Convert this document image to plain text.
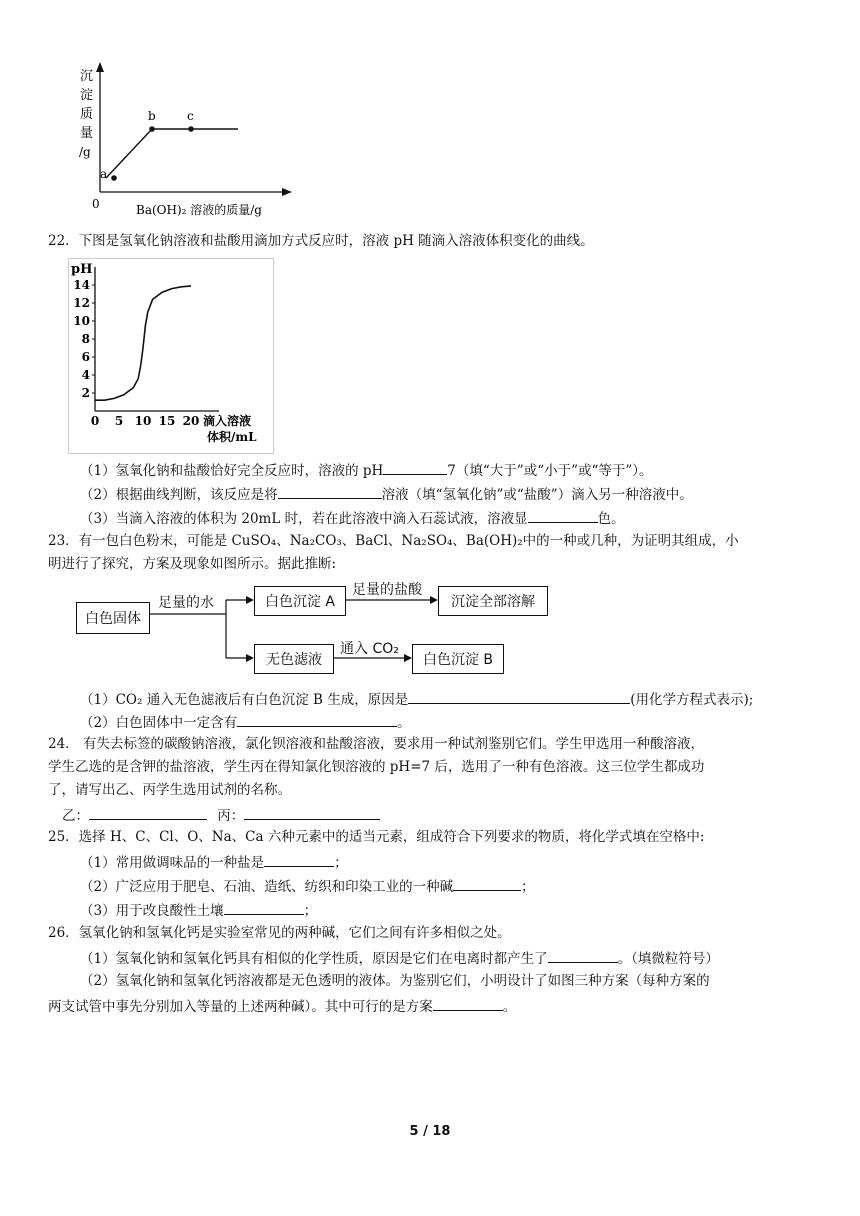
a
b	c
0
沉
淀
质
量
/g
Ba(OH)₂ 溶液的质量/g
22．下图是氢氧化钠溶液和盐酸用滴加方式反应时，溶液 pH 随滴入溶液体积变化的曲线。
pH
2
4
6
8
10
12
14
0 5 10 15 20 滴入溶液
体积/mL
（1）氢氧化钠和盐酸恰好完全反应时，溶液的 pH	7（填“大于”或“小于”或“等于”）。
（2）根据曲线判断，该反应是将	溶液（填“氢氧化钠”或“盐酸”）滴入另一种溶液中。
（3）当滴入溶液的体积为 20mL 时，若在此溶液中滴入石蕊试液，溶液显	色。
23．有一包白色粉末，可能是 CuSO₄、Na₂CO₃、BaCl、Na₂SO₄、Ba(OH)₂中的一种或几种，为证明其组成，小
明进行了探究，方案及现象如图所示。据此推断:
白色固体
足量的水	白色沉淀 A
足量的盐酸
沉淀全部溶解
无色滤液
通入 CO₂
白色沉淀 B
（1）CO₂ 通入无色滤液后有白色沉淀 B 生成，原因是	(用化学方程式表示);
（2）白色固体中一定含有	。
24． 有失去标签的碳酸钠溶液，氯化钡溶液和盐酸溶液，要求用一种试剂鉴别它们。学生甲选用一种酸溶液，
学生乙选的是含钾的盐溶液，学生丙在得知氯化钡溶液的 pH=7 后，选用了一种有色溶液。这三位学生都成功
了，请写出乙、丙学生选用试剂的名称。
乙：	丙：
25．选择 H、C、Cl、O、Na、Ca 六种元素中的适当元素，组成符合下列要求的物质，将化学式填在空格中:
（1）常用做调味品的一种盐是	；
（2）广泛应用于肥皂、石油、造纸、纺织和印染工业的一种碱	；
（3）用于改良酸性土壤	；
26．氢氧化钠和氢氧化钙是实验室常见的两种碱，它们之间有许多相似之处。
（1）氢氧化钠和氢氧化钙具有相似的化学性质，原因是它们在电离时都产生了	。（填微粒符号）
（2）氢氧化钠和氢氧化钙溶液都是无色透明的液体。为鉴别它们，小明设计了如图三种方案（每种方案的
两支试管中事先分别加入等量的上述两种碱）。其中可行的是方案	。
5 / 18
